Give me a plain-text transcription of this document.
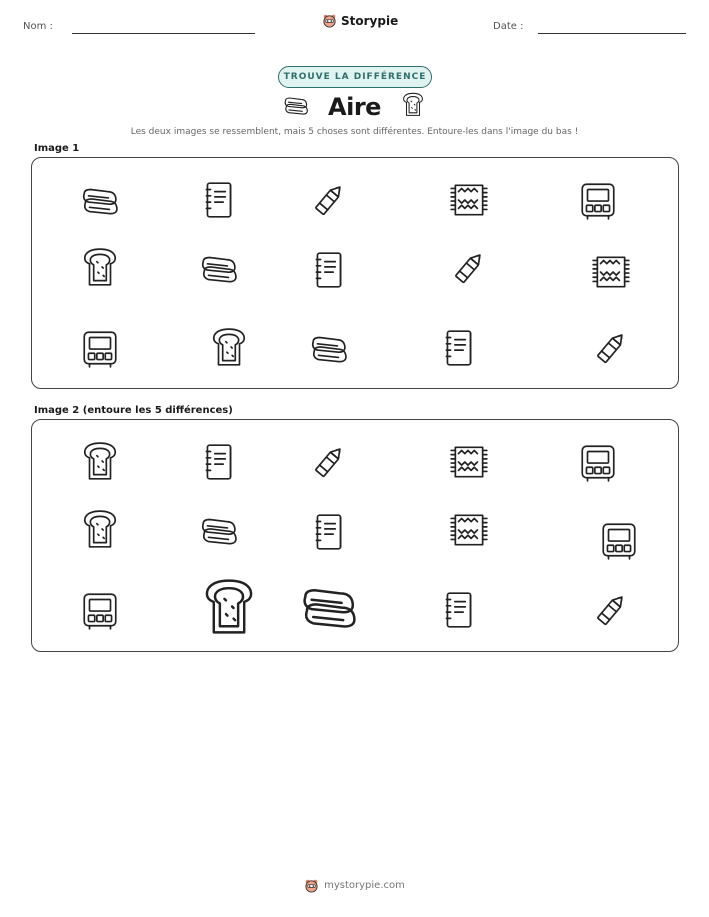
Nom :	Storypie	Date :
TROUVE LA DIFFÉRENCE
Aire
Les deux images se ressemblent, mais 5 choses sont différentes. Entoure-les dans l'image du bas !
Image 1
Image 2 (entoure les 5 différences)
mystorypie.com
